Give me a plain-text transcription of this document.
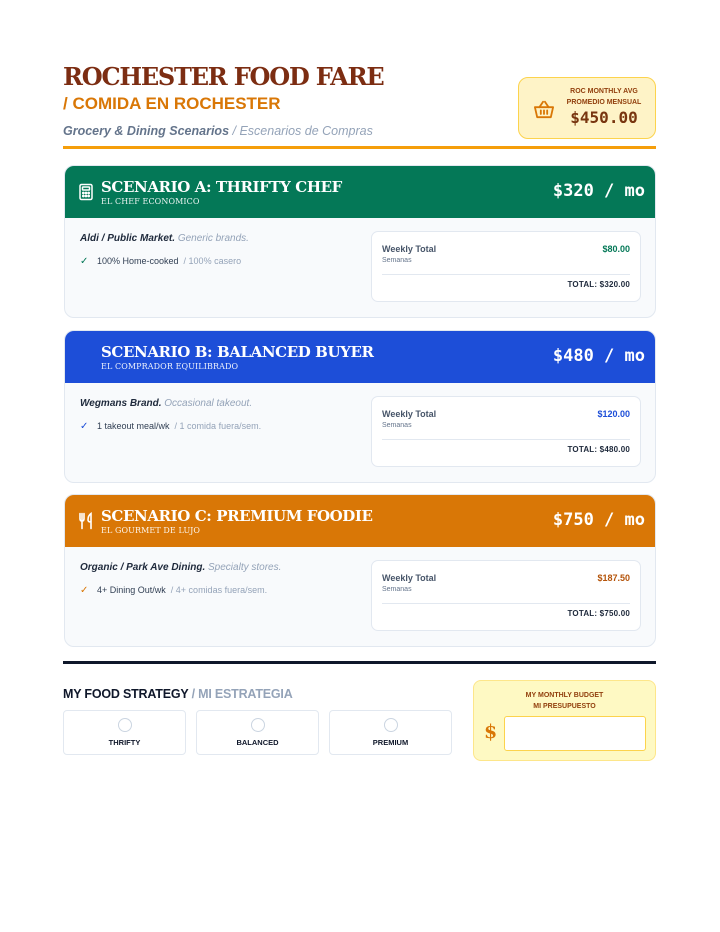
ROCHESTER FOOD FARE
/ COMIDA EN ROCHESTER
Grocery & Dining Scenarios / Escenarios de Compras
ROC MONTHLY AVG
PROMEDIO MENSUAL
$450.00
SCENARIO A: THRIFTY CHEF
EL CHEF ECONÓMICO
$320 / mo
Aldi / Public Market. Generic brands.
✓ 100% Home-cooked / 100% casero
Weekly Total
Semanas
$80.00
TOTAL: $320.00
SCENARIO B: BALANCED BUYER
EL COMPRADOR EQUILIBRADO
$480 / mo
Wegmans Brand. Occasional takeout.
✓ 1 takeout meal/wk / 1 comida fuera/sem.
Weekly Total
Semanas
$120.00
TOTAL: $480.00
SCENARIO C: PREMIUM FOODIE
EL GOURMET DE LUJO
$750 / mo
Organic / Park Ave Dining. Specialty stores.
✓ 4+ Dining Out/wk / 4+ comidas fuera/sem.
Weekly Total
Semanas
$187.50
TOTAL: $750.00
MY FOOD STRATEGY / MI ESTRATEGIA
THRIFTY	BALANCED	PREMIUM
MY MONTHLY BUDGET
MI PRESUPUESTO
$
